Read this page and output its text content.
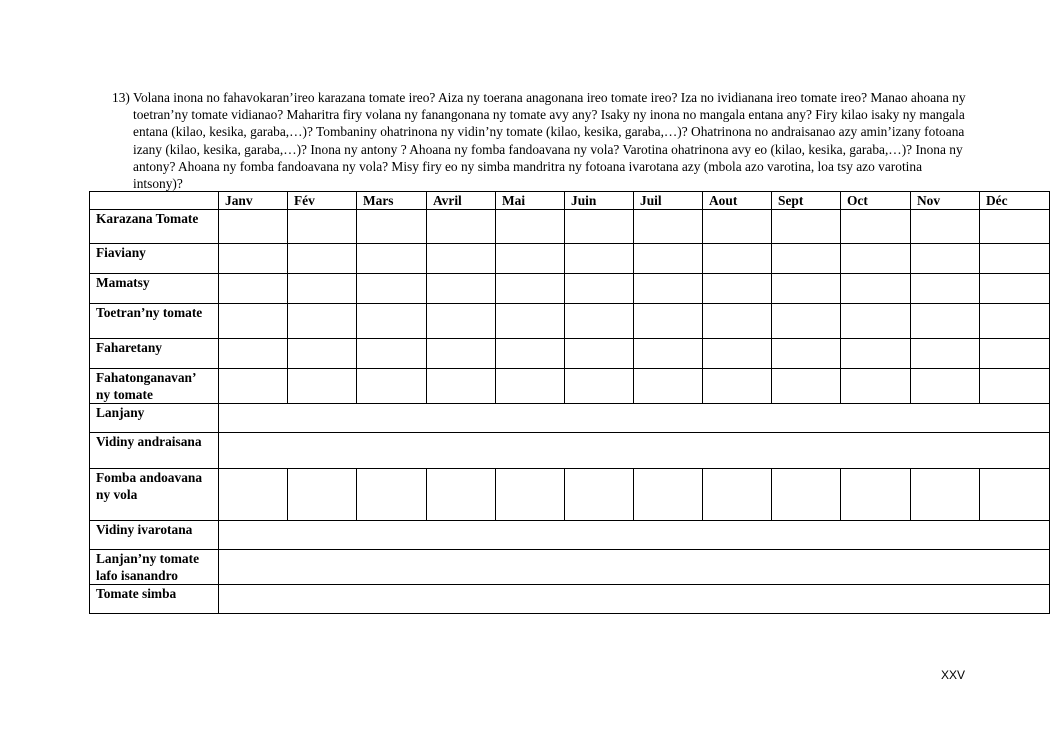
13) Volana inona no fahavokaran’ireo karazana tomate ireo? Aiza ny toerana anagonana ireo tomate ireo? Iza no ividianana ireo tomate ireo? Manao ahoana ny toetran’ny tomate vidianao? Maharitra firy volana ny fanangonana ny tomate avy any? Isaky ny inona no mangala entana any? Firy kilao isaky ny mangala entana (kilao, kesika, garaba,…)? Tombaniny ohatrinona ny vidin’ny tomate (kilao, kesika, garaba,…)? Ohatrinona no andraisanao azy amin’izany fotoana izany (kilao, kesika, garaba,…)? Inona ny antony ? Ahoana ny fomba fandoavana ny vola? Varotina ohatrinona avy eo (kilao, kesika, garaba,…)? Inona ny antony? Ahoana ny fomba fandoavana ny vola? Misy firy eo ny simba mandritra ny fotoana ivarotana azy (mbola azo varotina, loa tsy azo varotina intsony)?
	Janv	Fév	Mars	Avril	Mai	Juin	Juil	Aout	Sept	Oct	Nov	Déc
Karazana Tomate												
Fiaviany												
Mamatsy												
Toetran’ny tomate												
Faharetany												
Fahatonganavan’ ny tomate												
Lanjany												
Vidiny andraisana												
Fomba andoavana ny vola												
Vidiny ivarotana												
Lanjan’ny tomate lafo isanandro												
Tomate simba												
XXV
